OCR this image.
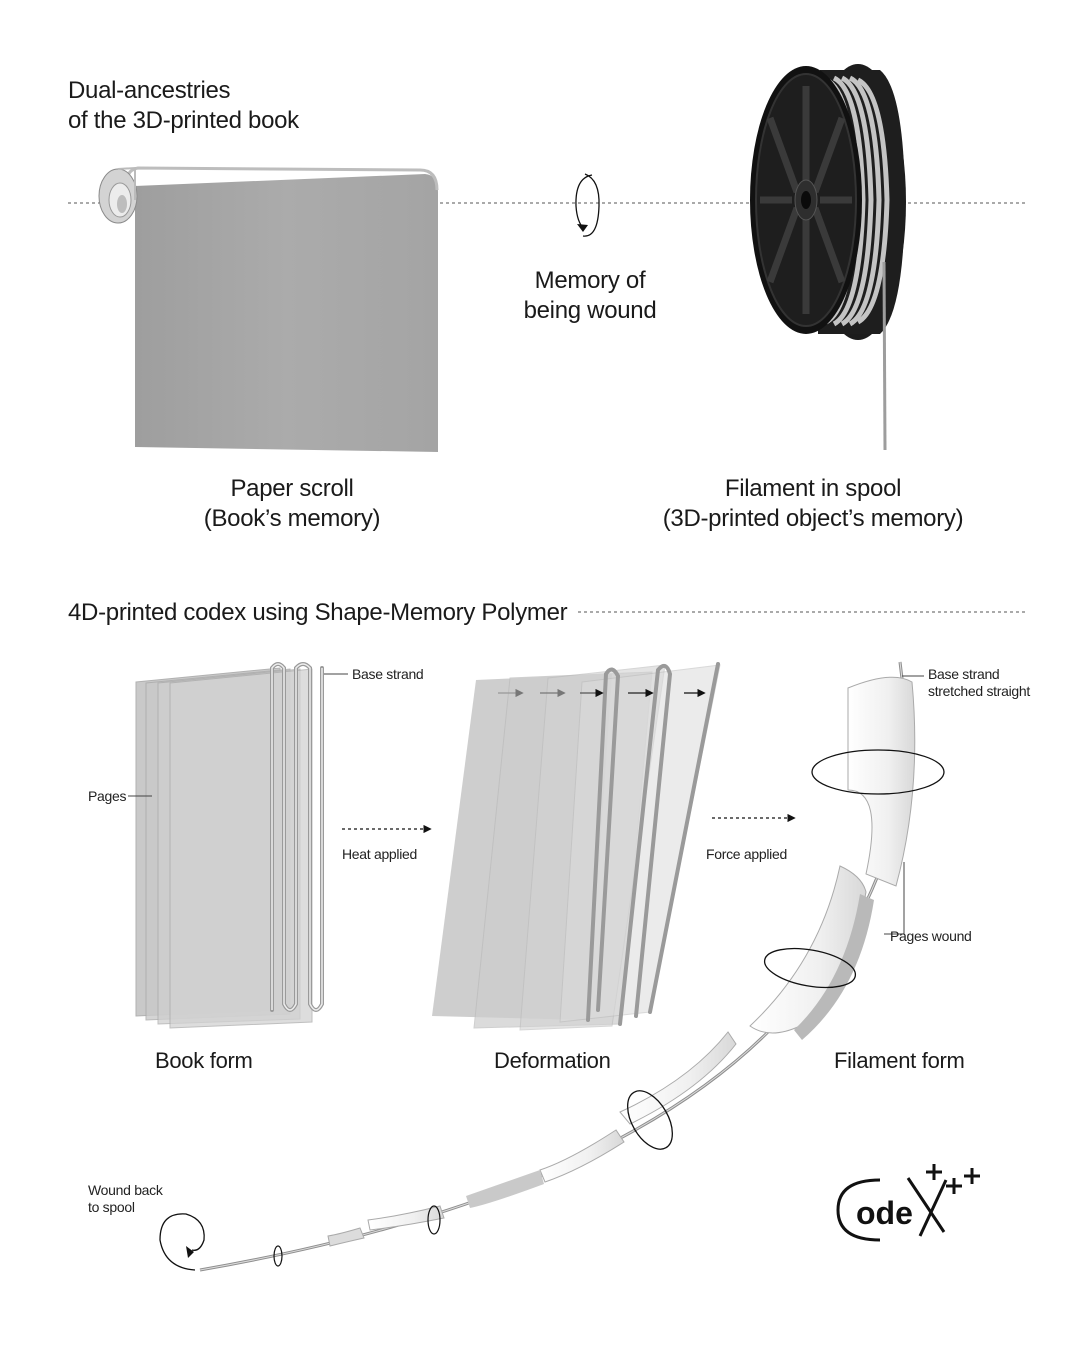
ode
Dual-ancestries
of the 3D-printed book
Memory of
being wound
Paper scroll
(Book’s memory)
Filament in spool
(3D-printed object’s memory)
4D-printed codex using Shape-Memory Polymer
Base strand
Pages
Heat applied	Force applied
Base strand
stretched straight
Pages wound
Book form	Deformation	Filament form
Wound back
to spool
